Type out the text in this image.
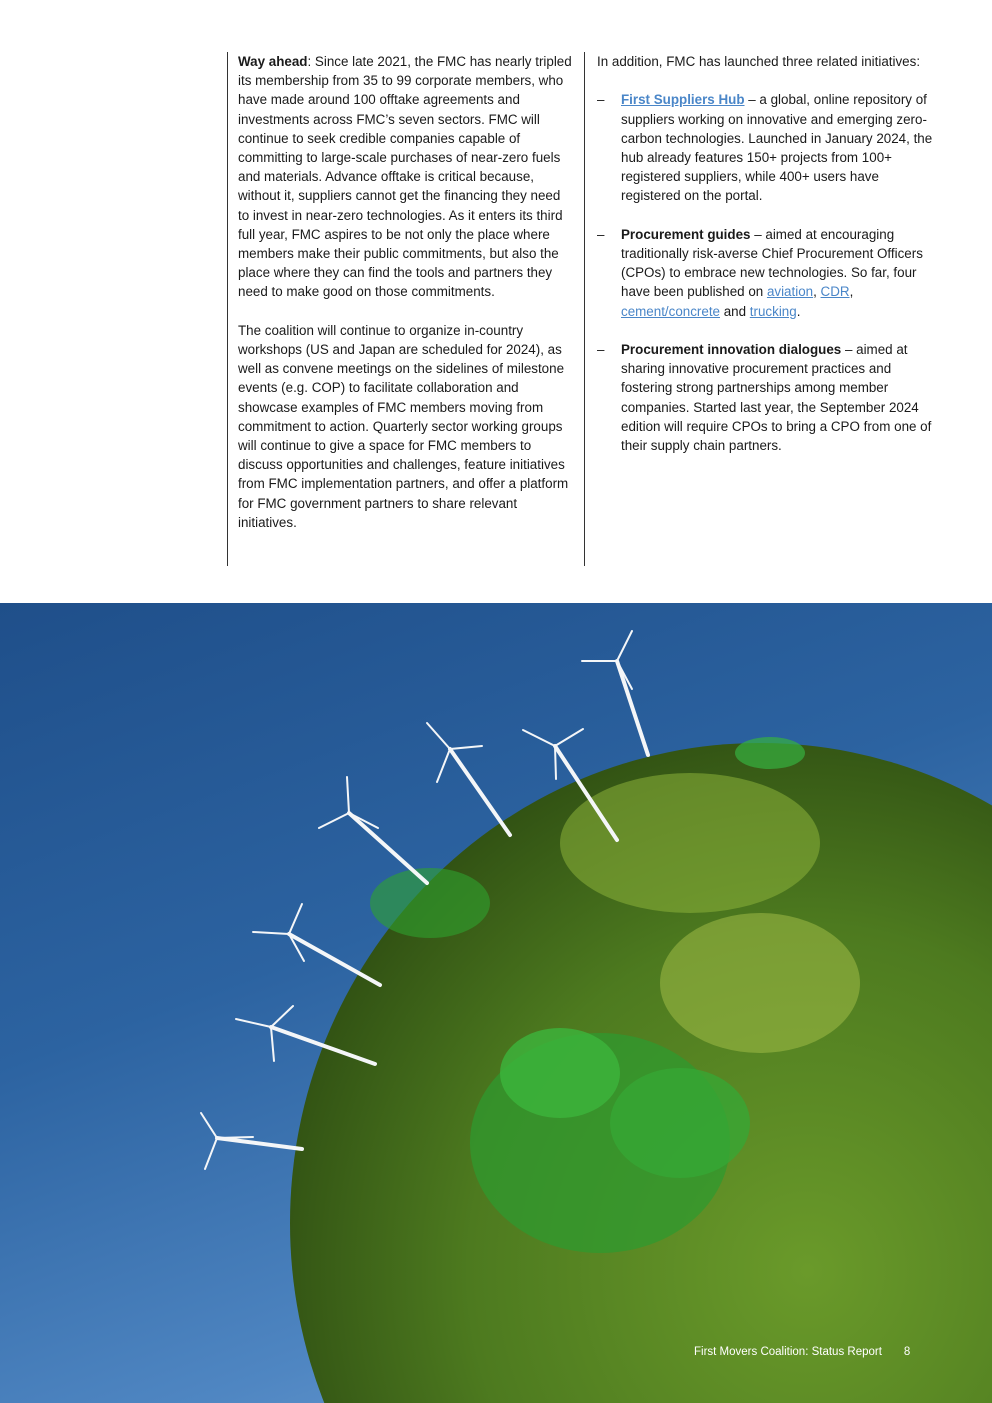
Way ahead: Since late 2021, the FMC has nearly tripled its membership from 35 to 99 corporate members, who have made around 100 offtake agreements and investments across FMC’s seven sectors. FMC will continue to seek credible companies capable of committing to large-scale purchases of near-zero fuels and materials. Advance offtake is critical because, without it, suppliers cannot get the financing they need to invest in near-zero technologies. As it enters its third full year, FMC aspires to be not only the place where members make their public commitments, but also the place where they can find the tools and partners they need to make good on those commitments.

The coalition will continue to organize in-country workshops (US and Japan are scheduled for 2024), as well as convene meetings on the sidelines of milestone events (e.g. COP) to facilitate collaboration and showcase examples of FMC members moving from commitment to action. Quarterly sector working groups will continue to give a space for FMC members to discuss opportunities and challenges, feature initiatives from FMC implementation partners, and offer a platform for FMC government partners to share relevant initiatives.

In addition, FMC has launched three related initiatives:

– First Suppliers Hub – a global, online repository of suppliers working on innovative and emerging zero-carbon technologies. Launched in January 2024, the hub already features 150+ projects from 100+ registered suppliers, while 400+ users have registered on the portal.
– Procurement guides – aimed at encouraging traditionally risk-averse Chief Procurement Officers (CPOs) to embrace new technologies. So far, four have been published on aviation, CDR, cement/concrete and trucking.
– Procurement innovation dialogues – aimed at sharing innovative procurement practices and fostering strong partnerships among member companies. Started last year, the September 2024 edition will require CPOs to bring a CPO from one of their supply chain partners.
First Movers Coalition: Status Report 8
